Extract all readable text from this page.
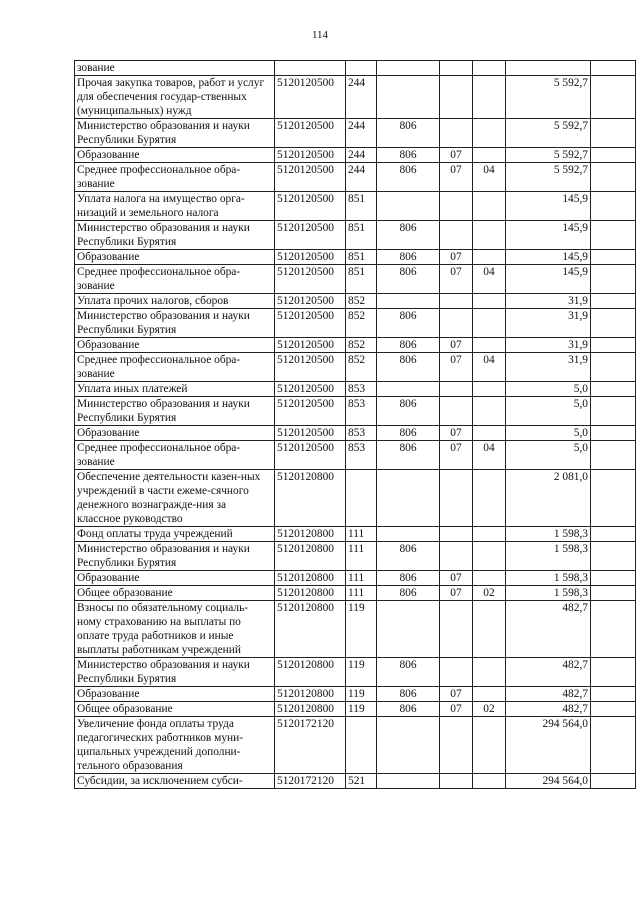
114
зование							
Прочая закупка товаров, работ и услуг для обеспечения государ-ственных (муниципальных) нужд	5120120500	244				5 592,7	
Министерство образования и науки Республики Бурятия	5120120500	244	806			5 592,7	
Образование	5120120500	244	806	07		5 592,7	
Среднее профессиональное обра-зование	5120120500	244	806	07	04	5 592,7	
Уплата налога на имущество орга-низаций и земельного налога	5120120500	851				145,9	
Министерство образования и науки Республики Бурятия	5120120500	851	806			145,9	
Образование	5120120500	851	806	07		145,9	
Среднее профессиональное обра-зование	5120120500	851	806	07	04	145,9	
Уплата прочих налогов, сборов	5120120500	852				31,9	
Министерство образования и науки Республики Бурятия	5120120500	852	806			31,9	
Образование	5120120500	852	806	07		31,9	
Среднее профессиональное обра-зование	5120120500	852	806	07	04	31,9	
Уплата иных платежей	5120120500	853				5,0	
Министерство образования и науки Республики Бурятия	5120120500	853	806			5,0	
Образование	5120120500	853	806	07		5,0	
Среднее профессиональное обра-зование	5120120500	853	806	07	04	5,0	
Обеспечение деятельности казен-ных учреждений в части ежеме-сячного денежного вознагражде-ния за классное руководство	5120120800					2 081,0	
Фонд оплаты труда учреждений	5120120800	111				1 598,3	
Министерство образования и науки Республики Бурятия	5120120800	111	806			1 598,3	
Образование	5120120800	111	806	07		1 598,3	
Общее образование	5120120800	111	806	07	02	1 598,3	
Взносы по обязательному социаль-ному страхованию на выплаты по оплате труда работников и иные выплаты работникам учреждений	5120120800	119				482,7	
Министерство образования и науки Республики Бурятия	5120120800	119	806			482,7	
Образование	5120120800	119	806	07		482,7	
Общее образование	5120120800	119	806	07	02	482,7	
Увеличение фонда оплаты труда педагогических работников муни-ципальных учреждений дополни-тельного образования	5120172120					294 564,0	
Субсидии, за исключением субси-	5120172120	521				294 564,0	
